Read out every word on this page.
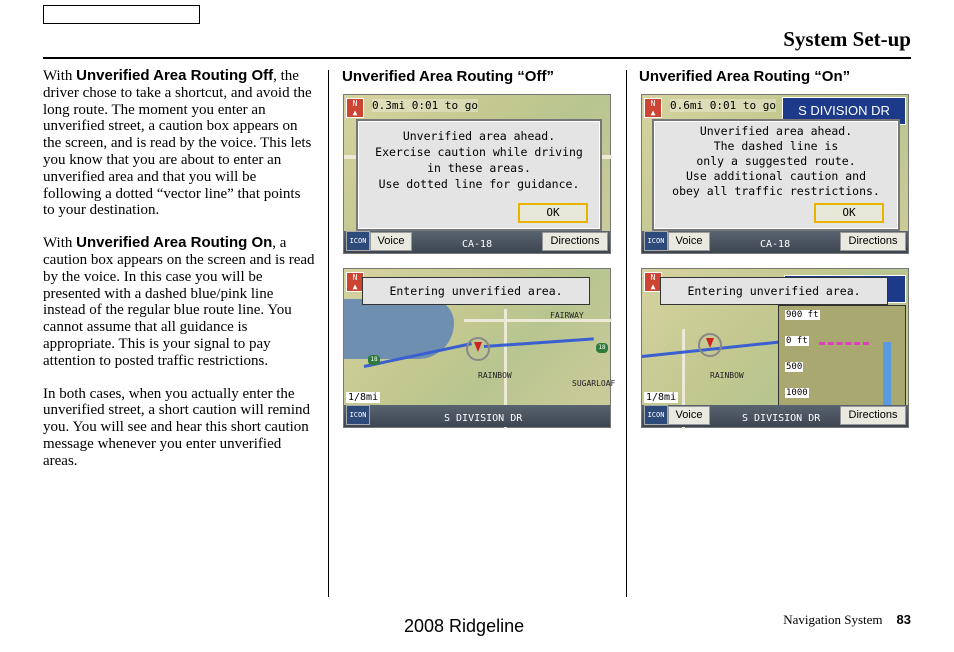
System Set-up

With Unverified Area Routing Off, the driver chose to take a shortcut, and avoid the long route. The moment you enter an unverified street, a caution box appears on the screen, and is read by the voice. This lets you know that you are about to enter an unverified area and that you will be following a dotted “vector line” that points to your destination.

With Unverified Area Routing On, a caution box appears on the screen and is read by the voice. In this case you will be presented with a dashed blue/pink line instead of the regular blue route line. You cannot assume that all guidance is appropriate. This is your signal to pay attention to posted traffic restrictions.

In both cases, when you actually enter the unverified street, a short caution will remind you. You will see and hear this short caution message whenever you enter unverified areas.

Unverified Area Routing “Off”
N
▲
0.3mi 0:01 to go
Unverified area ahead.
Exercise caution while driving
in these areas.
Use dotted line for guidance.
OK
ICON	Voice	CA-18	Directions
N
▲	Entering unverified area.
FAIRWAY
RAINBOW
SUGARLOAF
18
18
1/8mi
ICON	S DIVISION DR
Unverified Area Routing “On”
N
▲
0.6mi 0:01 to go	S DIVISION DR
Unverified area ahead.
The dashed line is
only a suggested route.
Use additional caution and
obey all traffic restrictions.
OK
ICON	Voice	CA-18	Directions
N
▲	Entering unverified area.
RAINBOW
900 ft
0 ft
500
1000
1/8mi
ICON	Voice	S DIVISION DR	Directions
2008 Ridgeline	Navigation System 83
